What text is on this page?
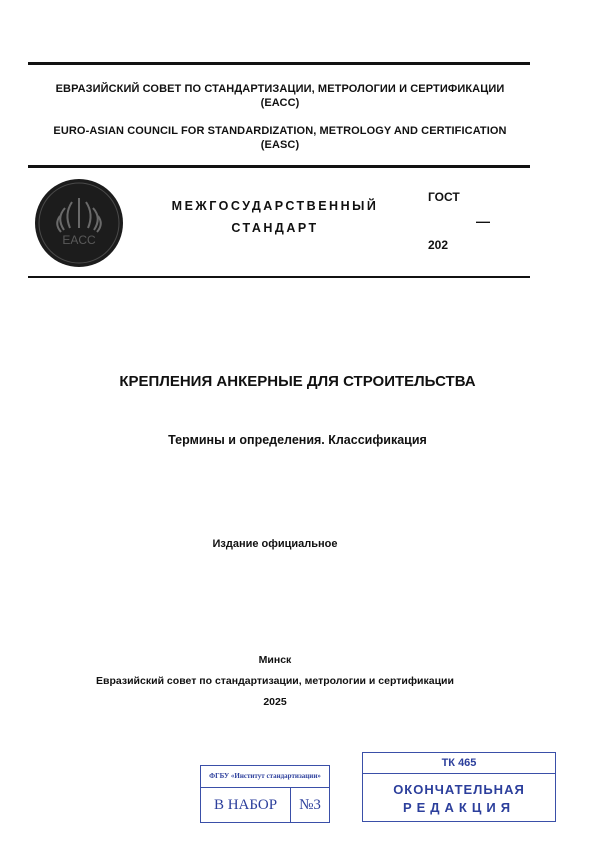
ЕВРАЗИЙСКИЙ СОВЕТ ПО СТАНДАРТИЗАЦИИ, МЕТРОЛОГИИ И СЕРТИФИКАЦИИ
(ЕАСС)
EURO-ASIAN COUNCIL FOR STANDARDIZATION, METROLOGY AND CERTIFICATION
(EASC)
EACC
МЕЖГОСУДАРСТВЕННЫЙ
СТАНДАРТ
ГОСТ
—
202
КРЕПЛЕНИЯ АНКЕРНЫЕ ДЛЯ СТРОИТЕЛЬСТВА
Термины и определения. Классификация
Издание официальное
Минск
Евразийский совет по стандартизации, метрологии и сертификации
2025
ФГБУ «Институт стандартизации»
В НАБОР	№3
ТК 465
ОКОНЧАТЕЛЬНАЯ
РЕДАКЦИЯ
